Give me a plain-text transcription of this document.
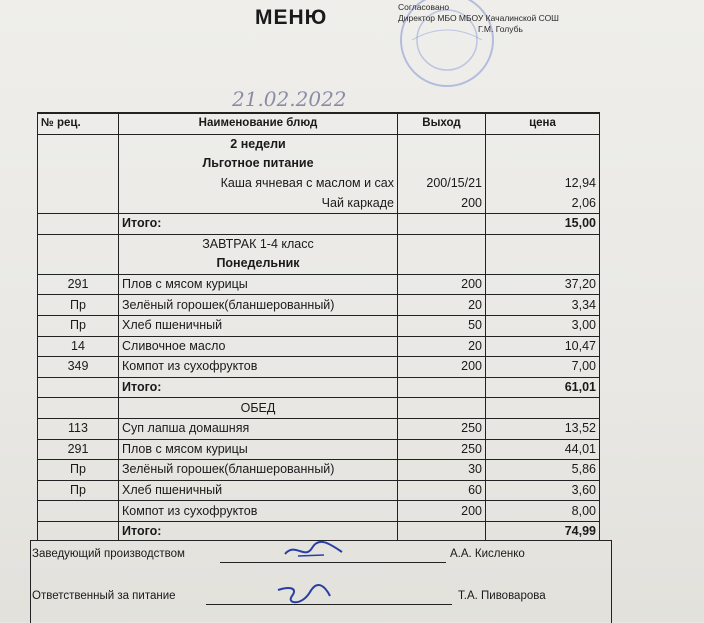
МЕНЮ	Согласовано
Директор МБО МБОУ Качалинской СОШ
Г.М. Голубь
21.02.2022
№ рец.	Наименование блюд	Выход	цена
	2 недели		
	Льготное питание		
	Каша ячневая с маслом и сах	200/15/21	12,94
	Чай каркаде	200	2,06
	Итого:		15,00
	ЗАВТРАК 1-4 класс		
	Понедельник		
291	Плов с мясом курицы	200	37,20
Пр	Зелёный горошек(бланшерованный)	20	3,34
Пр	Хлеб пшеничный	50	3,00
14	Сливочное масло	20	10,47
349	Компот из сухофруктов	200	7,00
	Итого:		61,01
	ОБЕД		
113	Суп лапша домашняя	250	13,52
291	Плов с мясом курицы	250	44,01
Пр	Зелёный горошек(бланшерованный)	30	5,86
Пр	Хлеб пшеничный	60	3,60
	Компот из сухофруктов	200	8,00
	Итого:		74,99
Заведующий производством	А.А. Кисленко
Ответственный за питание	Т.А. Пивоварова
